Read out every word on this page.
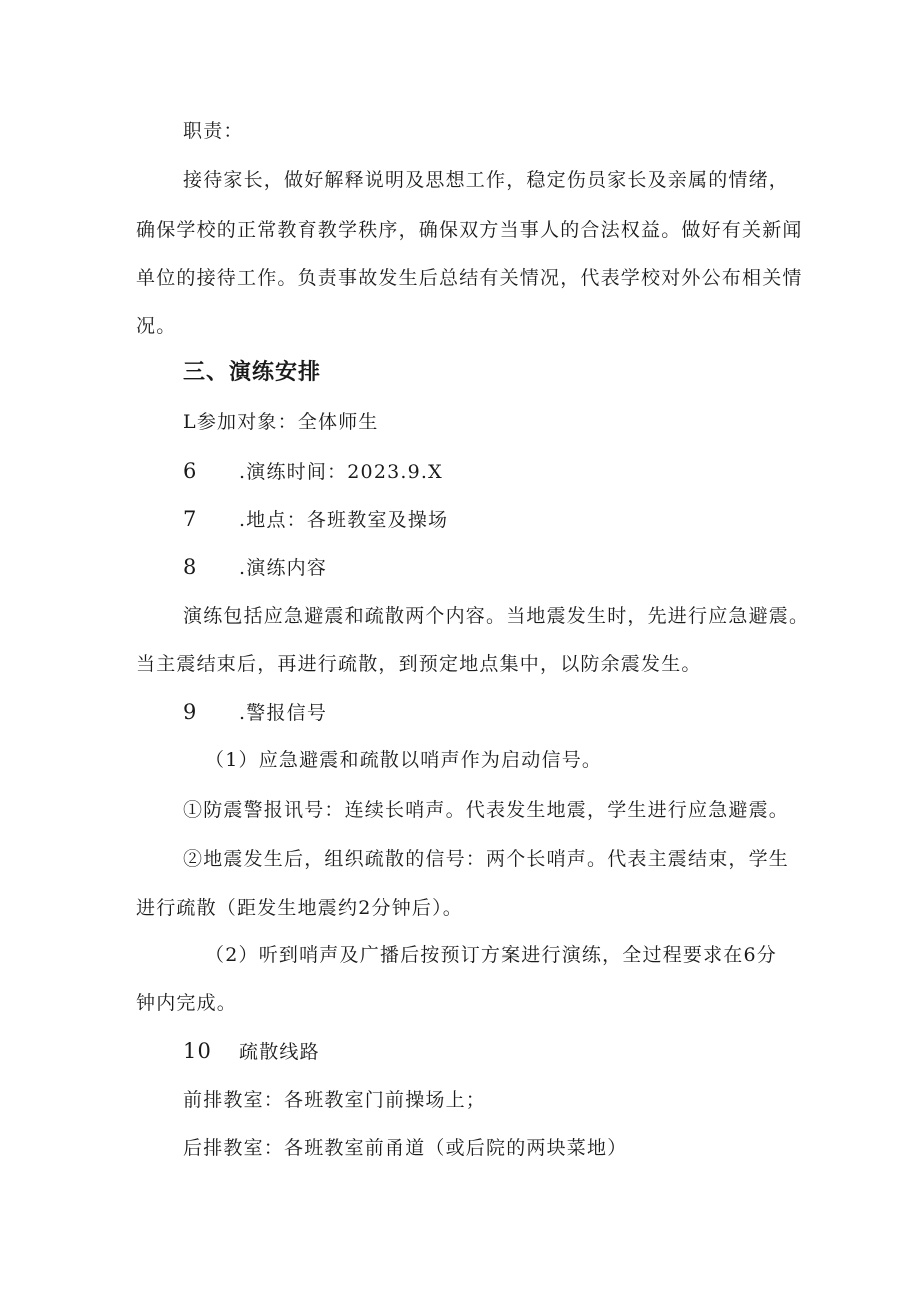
职责：
接待家长，做好解释说明及思想工作，稳定伤员家长及亲属的情绪，
确保学校的正常教育教学秩序，确保双方当事人的合法权益。做好有关新闻
单位的接待工作。负责事故发生后总结有关情况，代表学校对外公布相关情
况。
三、演练安排
L参加对象：全体师生
6 .演练时间：2023.9.X
7 .地点：各班教室及操场
8 .演练内容
演练包括应急避震和疏散两个内容。当地震发生时，先进行应急避震。
当主震结束后，再进行疏散，到预定地点集中，以防余震发生。
9 .警报信号
（1）应急避震和疏散以哨声作为启动信号。
①防震警报讯号：连续长哨声。代表发生地震，学生进行应急避震。
②地震发生后，组织疏散的信号：两个长哨声。代表主震结束，学生
进行疏散（距发生地震约2分钟后）。
（2）听到哨声及广播后按预订方案进行演练，全过程要求在6分
钟内完成。
10 疏散线路
前排教室：各班教室门前操场上；
后排教室：各班教室前甬道（或后院的两块菜地）
